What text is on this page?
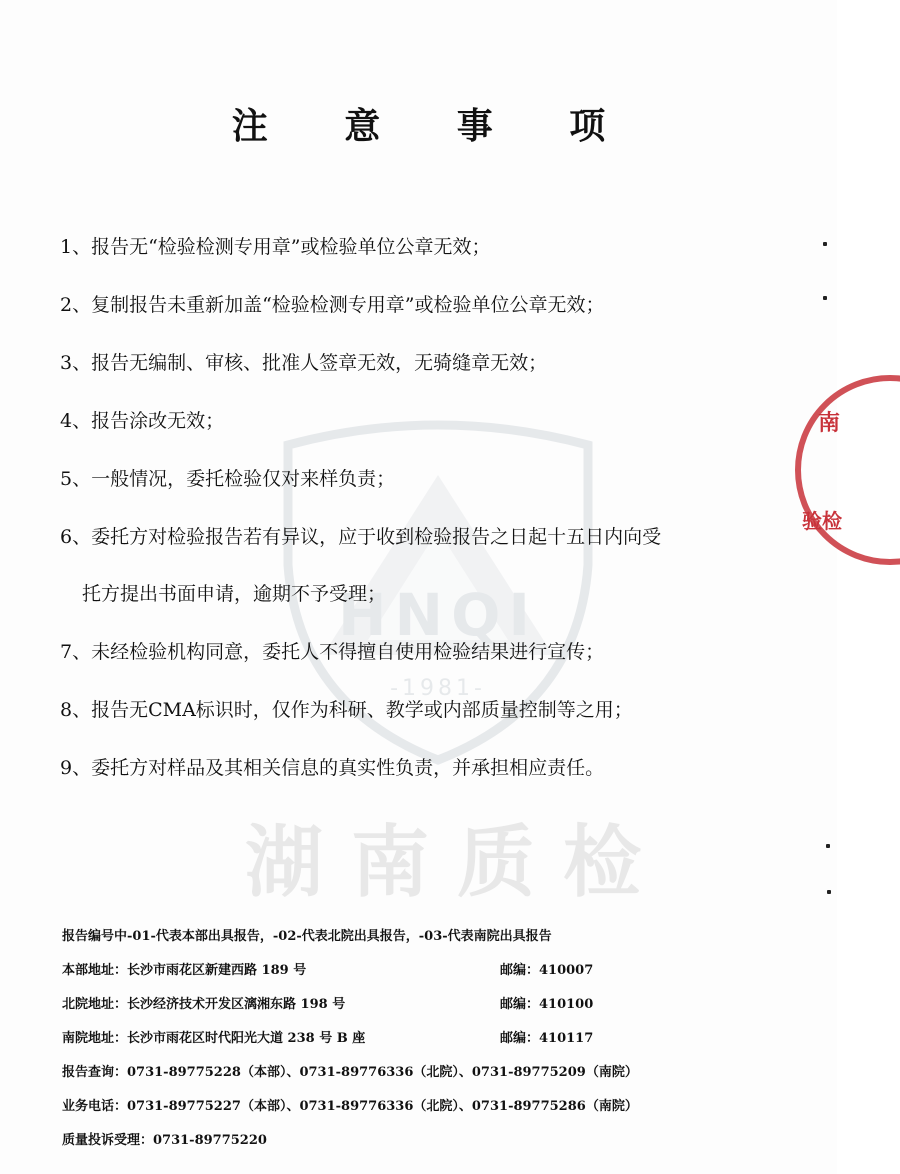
HNQI
-1981-
湖南质检
南
验检
注 意 事 项
1、报告无“检验检测专用章”或检验单位公章无效；
2、复制报告未重新加盖“检验检测专用章”或检验单位公章无效；
3、报告无编制、审核、批准人签章无效，无骑缝章无效；
4、报告涂改无效；
5、一般情况，委托检验仅对来样负责；
6、委托方对检验报告若有异议，应于收到检验报告之日起十五日内向受
托方提出书面申请，逾期不予受理；
7、未经检验机构同意，委托人不得擅自使用检验结果进行宣传；
8、报告无CMA标识时，仅作为科研、教学或内部质量控制等之用；
9、委托方对样品及其相关信息的真实性负责，并承担相应责任。
报告编号中-01-代表本部出具报告，-02-代表北院出具报告，-03-代表南院出具报告
本部地址：长沙市雨花区新建西路 189 号	邮编：410007
北院地址：长沙经济技术开发区漓湘东路 198 号	邮编：410100
南院地址：长沙市雨花区时代阳光大道 238 号 B 座	邮编：410117
报告查询：0731-89775228（本部）、0731-89776336（北院）、0731-89775209（南院）
业务电话：0731-89775227（本部）、0731-89776336（北院）、0731-89775286（南院）
质量投诉受理：0731-89775220
